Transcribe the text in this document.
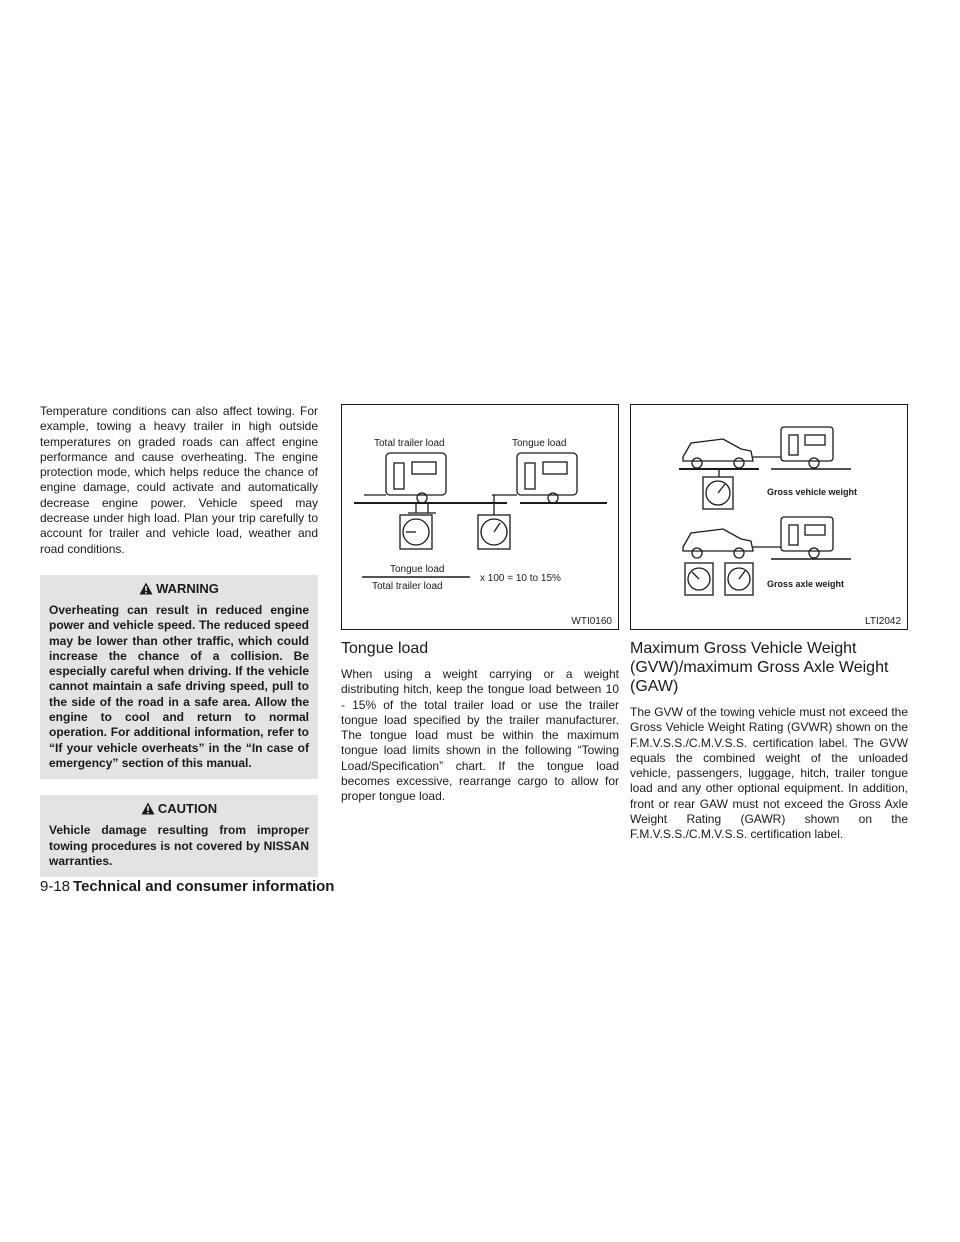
Temperature conditions can also affect towing. For example, towing a heavy trailer in high outside temperatures on graded roads can affect engine performance and cause overheating. The engine protection mode, which helps reduce the chance of engine damage, could activate and automatically decrease engine power. Vehicle speed may decrease under high load. Plan your trip carefully to account for trailer and vehicle load, weather and road conditions.

WARNING

Overheating can result in reduced engine power and vehicle speed. The reduced speed may be lower than other traffic, which could increase the chance of a collision. Be especially careful when driving. If the vehicle cannot maintain a safe driving speed, pull to the side of the road in a safe area. Allow the engine to cool and return to normal operation. For additional information, refer to “If your vehicle overheats” in the “In case of emergency” section of this manual.

CAUTION

Vehicle damage resulting from improper towing procedures is not covered by NISSAN warranties.

Total trailer load	Tongue load
Tongue load
Total trailer load
x 100 = 10 to 15%
WTI0160
Tongue load

When using a weight carrying or a weight distributing hitch, keep the tongue load between 10 - 15% of the total trailer load or use the trailer tongue load specified by the trailer manufacturer. The tongue load must be within the maximum tongue load limits shown in the following “Towing Load/Specification” chart. If the tongue load becomes excessive, rearrange cargo to allow for proper tongue load.

Gross vehicle weight
Gross axle weight
LTI2042
Maximum Gross Vehicle Weight (GVW)/maximum Gross Axle Weight (GAW)

The GVW of the towing vehicle must not exceed the Gross Vehicle Weight Rating (GVWR) shown on the F.M.V.S.S./C.M.V.S.S. certification label. The GVW equals the combined weight of the unloaded vehicle, passengers, luggage, hitch, trailer tongue load and any other optional equipment. In addition, front or rear GAW must not exceed the Gross Axle Weight Rating (GAWR) shown on the F.M.V.S.S./C.M.V.S.S. certification label.

9-18 Technical and consumer information
